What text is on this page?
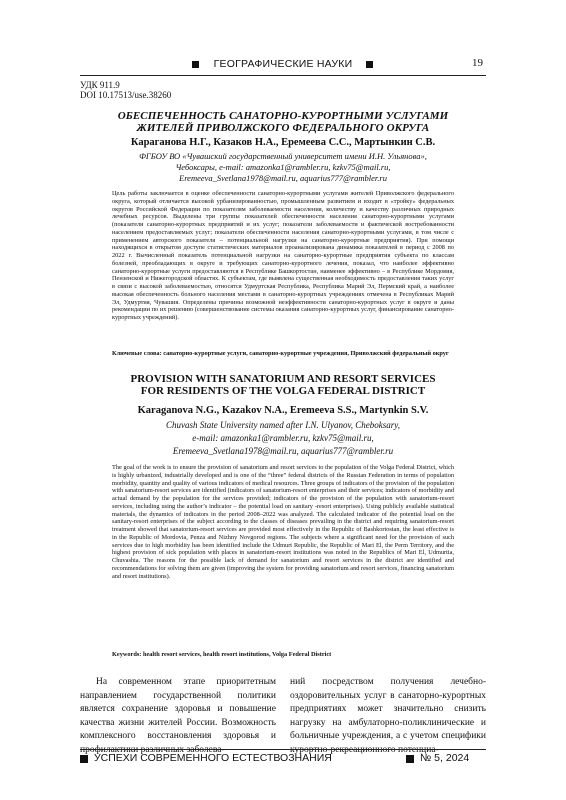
ГЕОГРАФИЧЕСКИЕ НАУКИ	19
УДК 911.9
DOI 10.17513/use.38260
ОБЕСПЕЧЕННОСТЬ САНАТОРНО-КУРОРТНЫМИ УСЛУГАМИ
ЖИТЕЛЕЙ ПРИВОЛЖСКОГО ФЕДЕРАЛЬНОГО ОКРУГА
Караганова Н.Г., Казаков Н.А., Еремеева С.С., Мартынкин С.В.
ФГБОУ ВО «Чувашский государственный университет имени И.Н. Ульянова»,
Чебоксары, e-mail: amazonka1@rambler.ru, kzkv75@mail.ru,
Eremeeva_Svetlana1978@mail.ru, aquarius777@rambler.ru
Цель работы заключается в оценке обеспеченности санаторно-курортными услугами жителей Приволжского федерального округа, который отличается высокой урбанизированностью, промышленным развитием и входит в «тройку» федеральных округов Российской Федерации по показателям заболеваемости населения, количеству и качеству различных природных лечебных ресурсов. Выделены три группы показателей обеспеченности населения санаторно-курортными услугами (показатели санаторно-курортных предприятий и их услуг; показатели заболеваемости и фактической востребованности населением предоставляемых услуг; показатели обеспеченности населения санаторно-курортными услугами, в том числе с применением авторского показателя – потенциальной нагрузки на санаторно-курортные предприятия). При помощи находящихся в открытом доступе статистических материалов проанализирована динамика показателей в период с 2008 по 2022 г. Вычисленный показатель потенциальной нагрузки на санаторно-курортные предприятия субъекта по классам болезней, преобладающих в округе и требующих санаторно-курортного лечения, показал, что наиболее эффективно санаторно-курортные услуги предоставляются в Республике Башкортостан, наименее эффективно – в Республике Мордовия, Пензенской и Нижегородской областях. К субъектам, где выявлена существенная необходимость предоставления таких услуг в связи с высокой заболеваемостью, относятся Удмуртская Республика, Республика Марий Эл, Пермский край, а наиболее высокая обеспеченность больного населения местами в санаторно-курортных учреждениях отмечена в Республиках Марий Эл, Удмуртия, Чувашия. Определены причины возможной неэффективности санаторно-курортных услуг в округе и даны рекомендации по их решению (совершенствование системы оказания санаторно-курортных услуг, финансирование санаторно-курортных учреждений).
Ключевые слова: санаторно-курортные услуги, санаторно-курортные учреждения, Приволжский федеральный округ
PROVISION WITH SANATORIUM AND RESORT SERVICES
FOR RESIDENTS OF THE VOLGA FEDERAL DISTRICT
Karaganova N.G., Kazakov N.A., Eremeeva S.S., Martynkin S.V.
Chuvash State University named after I.N. Ulyanov, Cheboksary,
e-mail: amazonka1@rambler.ru, kzkv75@mail.ru,
Eremeeva_Svetlana1978@mail.ru, aquarius777@rambler.ru
The goal of the work is to ensure the provision of sanatorium and resort services to the population of the Volga Federal District, which is highly urbanized, industrially developed and is one of the “three” federal districts of the Russian Federation in terms of population morbidity, quantity and quality of various indicators of medical resources. Three groups of indicators of the provision of the population with sanatorium-resort services are identified (indicators of sanatorium-resort enterprises and their services; indicators of morbidity and actual demand by the population for the services provided; indicators of the provision of the population with sanatorium-resort services, including using the author’s indicator – the potential load on sanitary -resort enterprises). Using publicly available statistical materials, the dynamics of indicators in the period 2008–2022 was analyzed. The calculated indicator of the potential load on the sanitary-resort enterprises of the subject according to the classes of diseases prevailing in the district and requiring sanatorium-resort treatment showed that sanatorium-resort services are provided most effectively in the Republic of Bashkortostan, the least effective is in the Republic of Mordovia, Penza and Nizhny Novgorod regions. The subjects where a significant need for the provision of such services due to high morbidity has been identified include the Udmurt Republic, the Republic of Mari El, the Perm Territory, and the highest provision of sick population with places in sanatorium-resort institutions was noted in the Republics of Mari El, Udmurtia, Chuvashia. The reasons for the possible lack of demand for sanatorium and resort services in the district are identified and recommendations for solving them are given (improving the system for providing sanatorium and resort services, financing sanatorium and resort institutions).
Keywords: health resort services, health resort institutions, Volga Federal District

На современном этапе приоритетным направлением государственной политики является сохранение здоровья и повышение качества жизни жителей России. Возможность комплексного восстановления здоровья и

ний посредством получения лечебно-оздоровительных услуг в санаторно-курортных предприятиях может значительно снизить нагрузку на амбулаторно-поликлинические и больничные учреждения, а с учетом специфики

УСПЕХИ СОВРЕМЕННОГО ЕСТЕСТВОЗНАНИЯ	№ 5, 2024
